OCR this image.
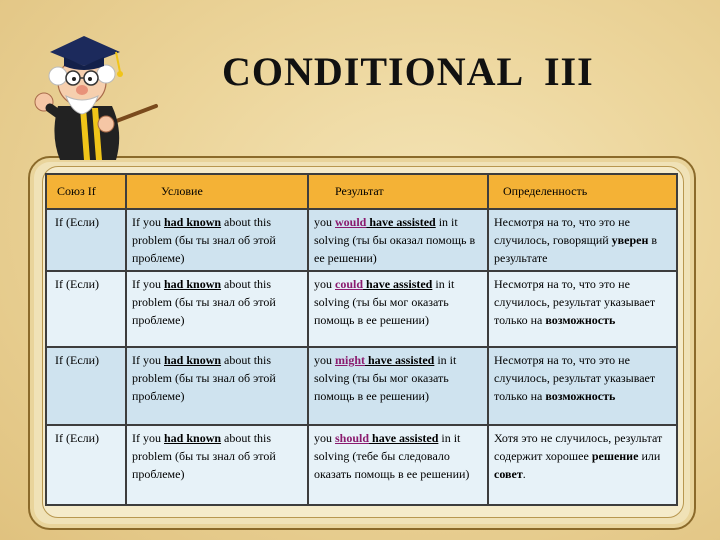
CONDITIONAL  III
Союз If	Условие	Результат	Определенность
If (Если)	If you had known about this problem (бы ты знал об этой проблеме)	you would have assisted in it solving (ты бы оказал помощь в ее решении)	Несмотря на то, что это не случилось, говорящий уверен в результате
If (Если)	If you had known about this problem (бы ты знал об этой проблеме)	you could have assisted in it solving (ты бы мог оказать помощь в ее решении)	Несмотря на то, что это не случилось, результат указывает только на возможность
If (Если)	If you had known about this problem (бы ты знал об этой проблеме)	you might have assisted in it solving (ты бы мог оказать помощь в ее решении)	Несмотря на то, что это не случилось, результат указывает только на возможность
If (Если)	If you had known about this problem (бы ты знал об этой проблеме)	you should have assisted in it solving (тебе бы следовало оказать помощь в ее решении)	Хотя это не случилось, результат содержит хорошее решение или совет.
